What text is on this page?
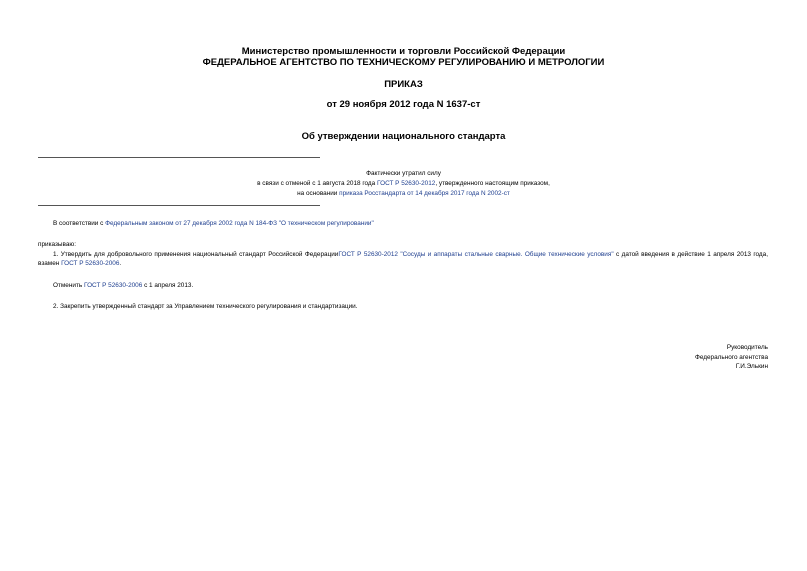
Министерство промышленности и торговли Российской Федерации
ФЕДЕРАЛЬНОЕ АГЕНТСТВО ПО ТЕХНИЧЕСКОМУ РЕГУЛИРОВАНИЮ И МЕТРОЛОГИИ
ПРИКАЗ
от 29 ноября 2012 года N 1637-ст
Об утверждении национального стандарта
Фактически утратил силу
в связи с отменой с 1 августа 2018 года ГОСТ Р 52630-2012, утвержденного настоящим приказом,
на основании приказа Росстандарта от 14 декабря 2017 года N 2002-ст
В соответствии с Федеральным законом от 27 декабря 2002 года N 184-ФЗ "О техническом регулировании"
приказываю:
1. Утвердить для добровольного применения национальный стандарт Российской ФедерацииГОСТ Р 52630-2012 "Сосуды и аппараты стальные сварные. Общие технические условия" с датой введения в действие 1 апреля 2013 года, взамен ГОСТ Р 52630-2006.
Отменить ГОСТ Р 52630-2006 с 1 апреля 2013.
2. Закрепить утвержденный стандарт за Управлением технического регулирования и стандартизации.
Руководитель
Федерального агентства
Г.И.Элькин
